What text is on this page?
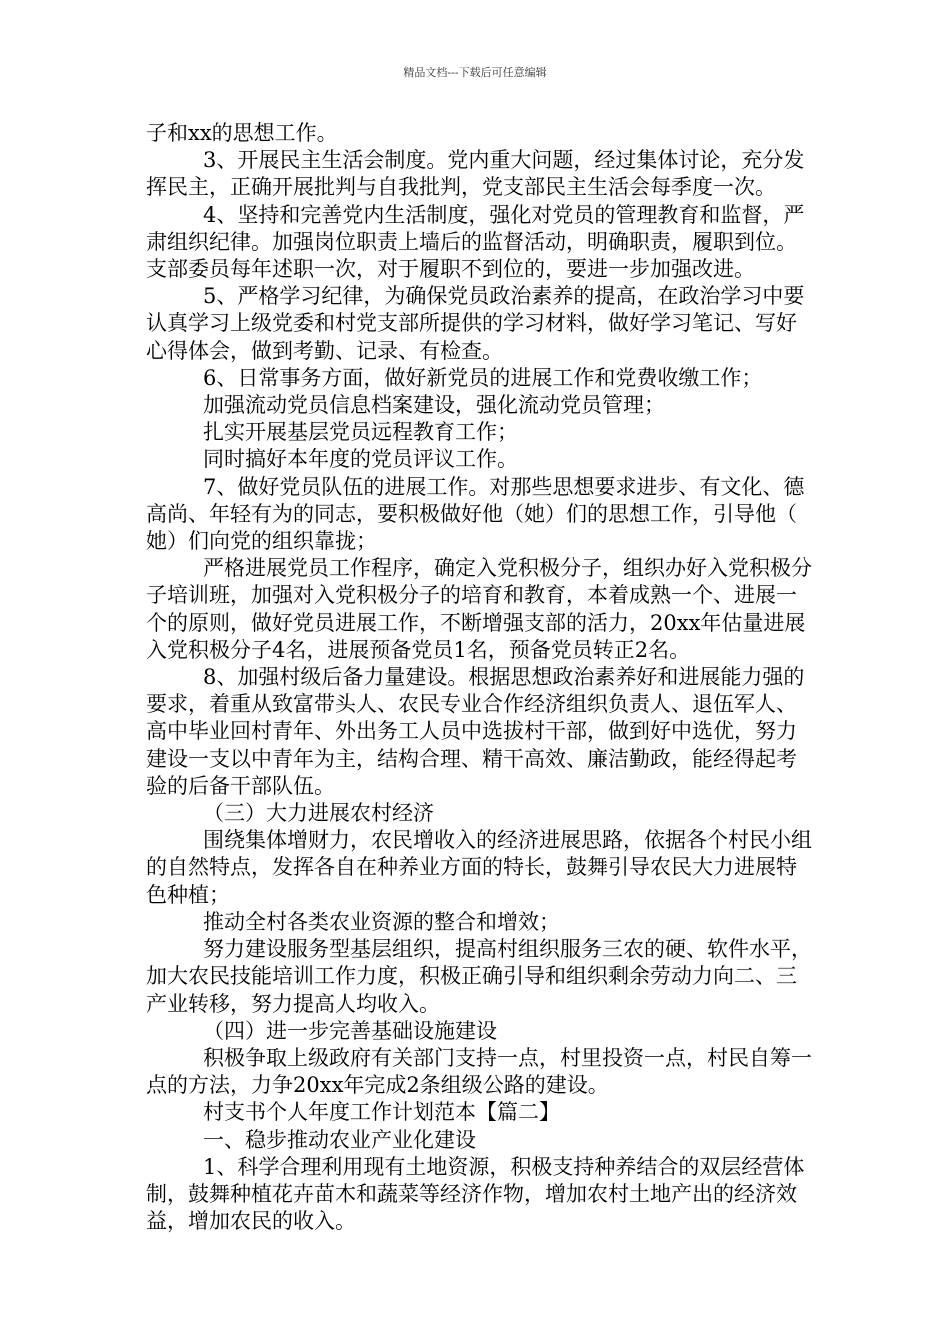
精品文档---下载后可任意编辑

子和xx的思想工作。

3、开展民主生活会制度。党内重大问题，经过集体讨论，充分发挥民主，正确开展批判与自我批判，党支部民主生活会每季度一次。

4、坚持和完善党内生活制度，强化对党员的管理教育和监督，严肃组织纪律。加强岗位职责上墙后的监督活动，明确职责，履职到位。支部委员每年述职一次，对于履职不到位的，要进一步加强改进。

5、严格学习纪律，为确保党员政治素养的提高，在政治学习中要认真学习上级党委和村党支部所提供的学习材料，做好学习笔记、写好心得体会，做到考勤、记录、有检查。

6、日常事务方面，做好新党员的进展工作和党费收缴工作；

加强流动党员信息档案建设，强化流动党员管理；

扎实开展基层党员远程教育工作；

同时搞好本年度的党员评议工作。

7、做好党员队伍的进展工作。对那些思想要求进步、有文化、德高尚、年轻有为的同志，要积极做好他（她）们的思想工作，引导他（她）们向党的组织靠拢；

严格进展党员工作程序，确定入党积极分子，组织办好入党积极分子培训班，加强对入党积极分子的培育和教育，本着成熟一个、进展一个的原则，做好党员进展工作，不断增强支部的活力，20xx年估量进展入党积极分子4名，进展预备党员1名，预备党员转正2名。

8、加强村级后备力量建设。根据思想政治素养好和进展能力强的要求，着重从致富带头人、农民专业合作经济组织负责人、退伍军人、高中毕业回村青年、外出务工人员中选拔村干部，做到好中选优，努力建设一支以中青年为主，结构合理、精干高效、廉洁勤政，能经得起考验的后备干部队伍。

（三）大力进展农村经济

围绕集体增财力，农民增收入的经济进展思路，依据各个村民小组的自然特点，发挥各自在种养业方面的特长，鼓舞引导农民大力进展特色种植；

推动全村各类农业资源的整合和增效；

努力建设服务型基层组织，提高村组织服务三农的硬、软件水平，加大农民技能培训工作力度，积极正确引导和组织剩余劳动力向二、三产业转移，努力提高人均收入。

（四）进一步完善基础设施建设

积极争取上级政府有关部门支持一点，村里投资一点，村民自筹一点的方法，力争20xx年完成2条组级公路的建设。

村支书个人年度工作计划范本【篇二】

一、稳步推动农业产业化建设

1、科学合理利用现有土地资源，积极支持种养结合的双层经营体制，鼓舞种植花卉苗木和蔬菜等经济作物，增加农村土地产出的经济效益，增加农民的收入。
